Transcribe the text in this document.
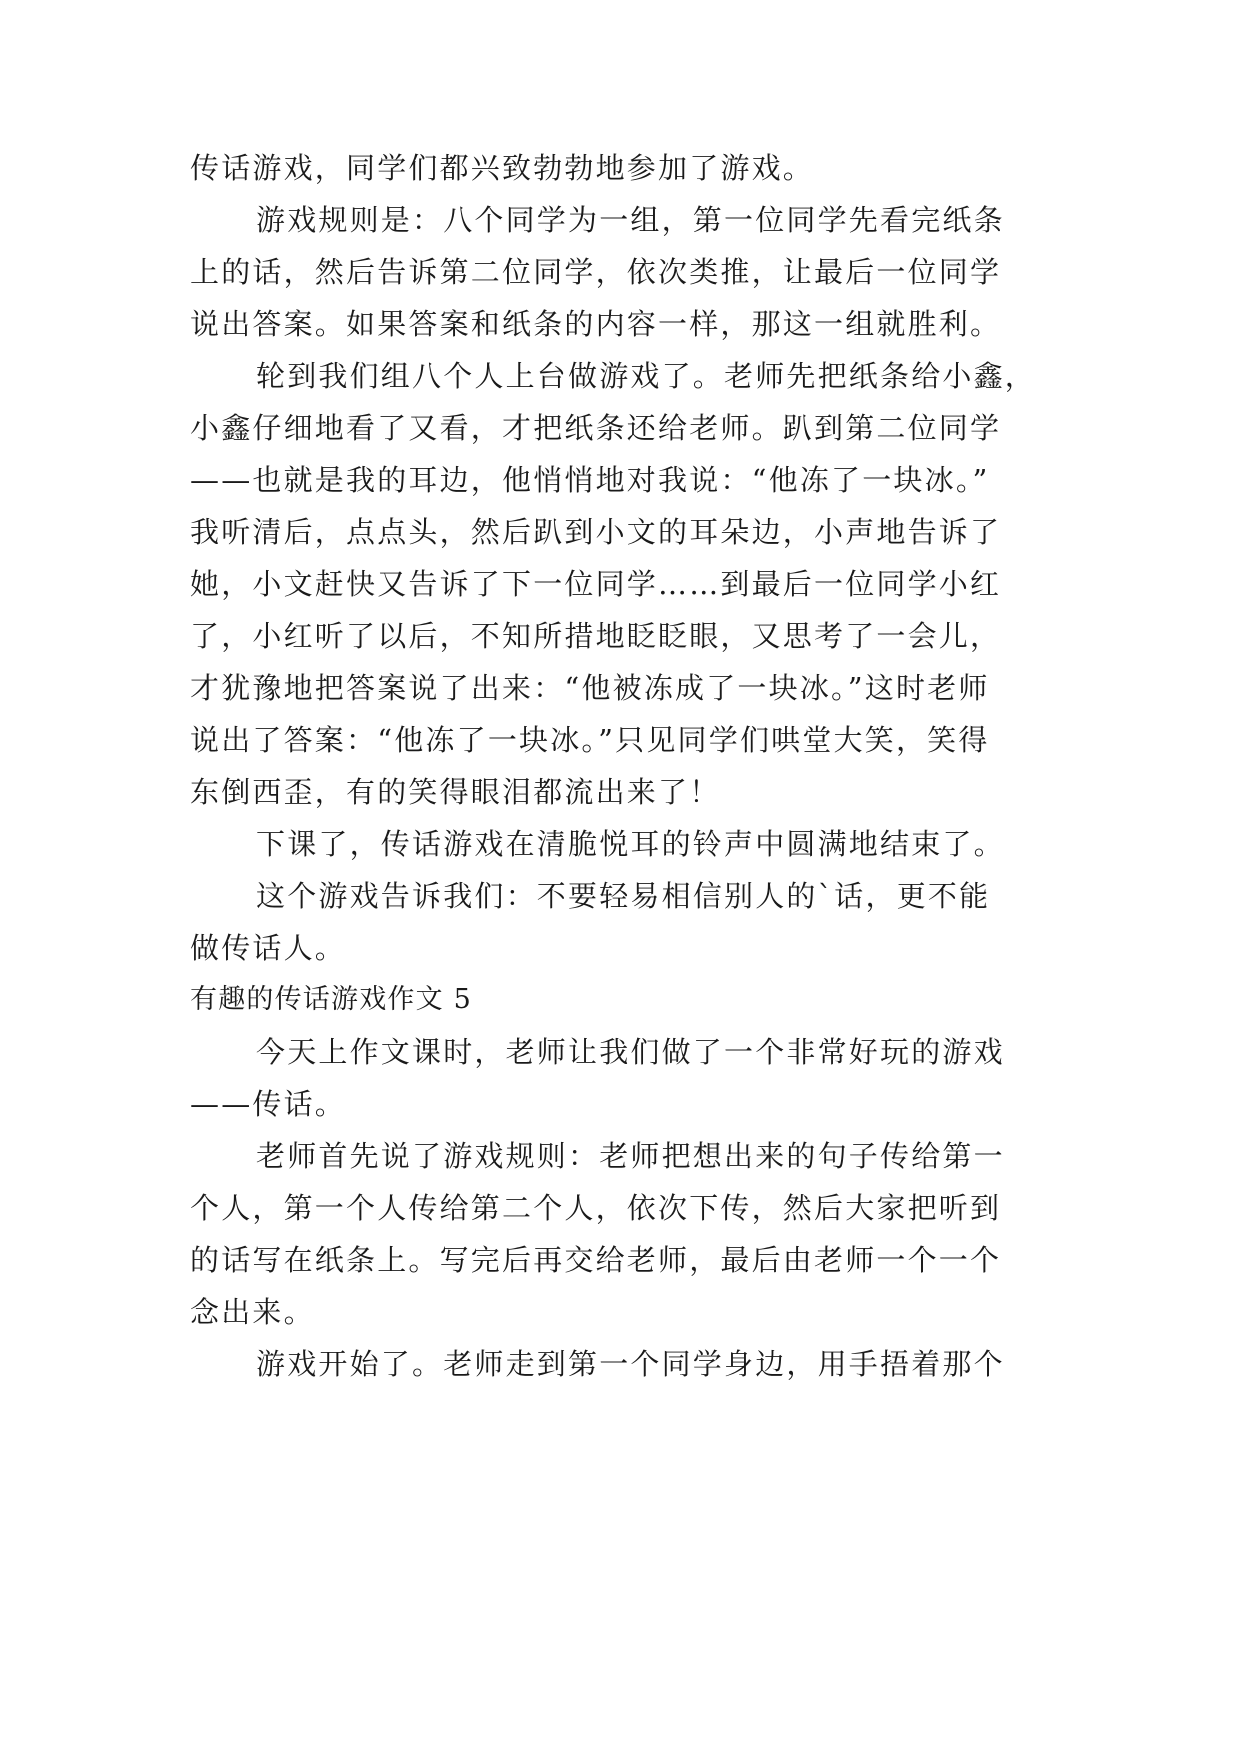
传话游戏，同学们都兴致勃勃地参加了游戏。
游戏规则是：八个同学为一组，第一位同学先看完纸条
上的话，然后告诉第二位同学，依次类推，让最后一位同学
说出答案。如果答案和纸条的内容一样，那这一组就胜利。
轮到我们组八个人上台做游戏了。老师先把纸条给小鑫，
小鑫仔细地看了又看，才把纸条还给老师。趴到第二位同学
——也就是我的耳边，他悄悄地对我说：“他冻了一块冰。”
我听清后，点点头，然后趴到小文的耳朵边，小声地告诉了
她，小文赶快又告诉了下一位同学……到最后一位同学小红
了，小红听了以后，不知所措地眨眨眼，又思考了一会儿，
才犹豫地把答案说了出来：“他被冻成了一块冰。”这时老师
说出了答案：“他冻了一块冰。”只见同学们哄堂大笑，笑得
东倒西歪，有的笑得眼泪都流出来了！
下课了，传话游戏在清脆悦耳的铃声中圆满地结束了。
这个游戏告诉我们：不要轻易相信别人的`话，更不能
做传话人。
有趣的传话游戏作文 5
今天上作文课时，老师让我们做了一个非常好玩的游戏
——传话。
老师首先说了游戏规则：老师把想出来的句子传给第一
个人，第一个人传给第二个人，依次下传，然后大家把听到
的话写在纸条上。写完后再交给老师，最后由老师一个一个
念出来。
游戏开始了。老师走到第一个同学身边，用手捂着那个
